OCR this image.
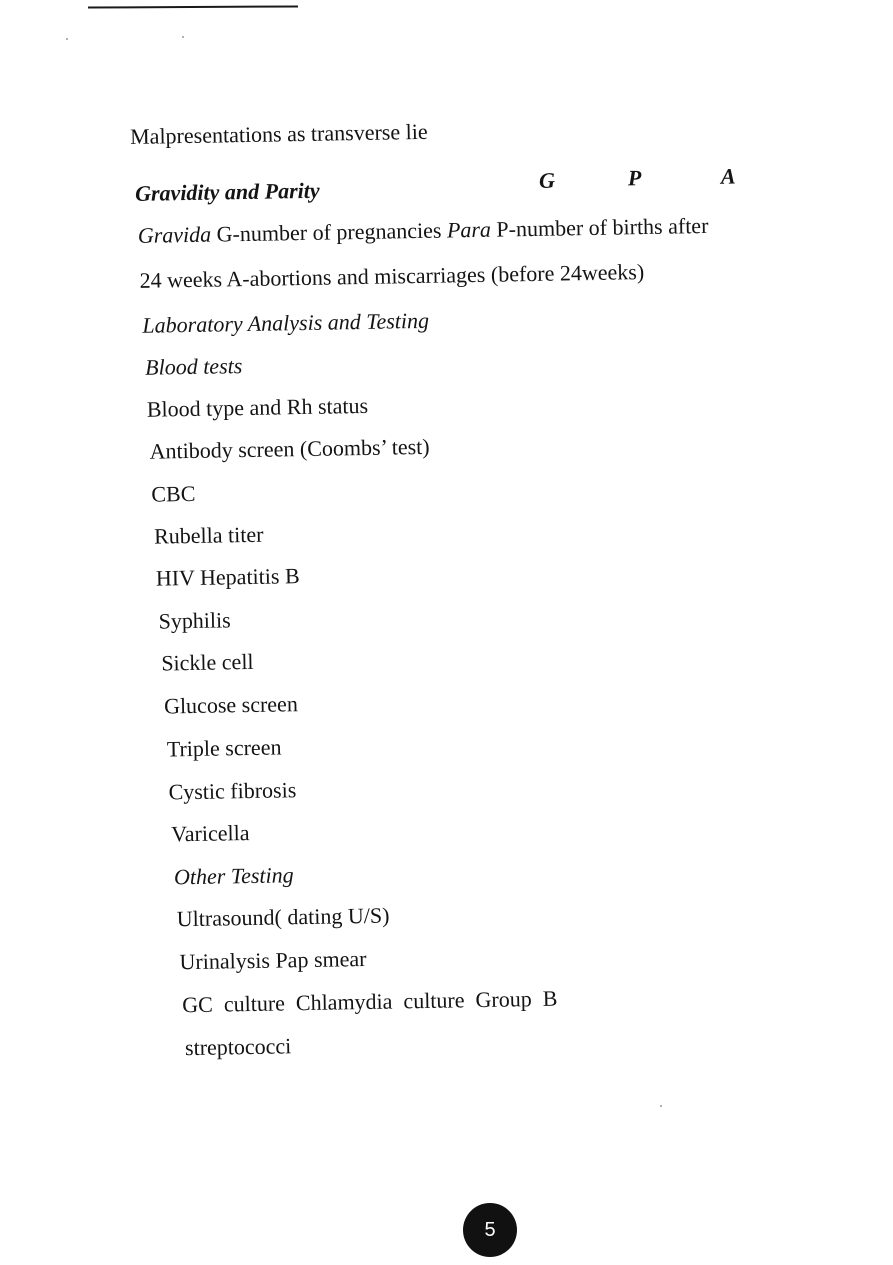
Malpresentations as transverse lie
Gravidity and Parity	G	P	A
Gravida G-number of pregnancies Para P-number of births after
24 weeks A-abortions and miscarriages (before 24weeks)
Laboratory Analysis and Testing
Blood tests
Blood type and Rh status
Antibody screen (Coombs’ test)
CBC
Rubella titer
HIV Hepatitis B
Syphilis
Sickle cell
Glucose screen
Triple screen
Cystic fibrosis
Varicella
Other Testing
Ultrasound( dating U/S)
Urinalysis Pap smear
GC  culture  Chlamydia  culture  Group  B
streptococci
5
